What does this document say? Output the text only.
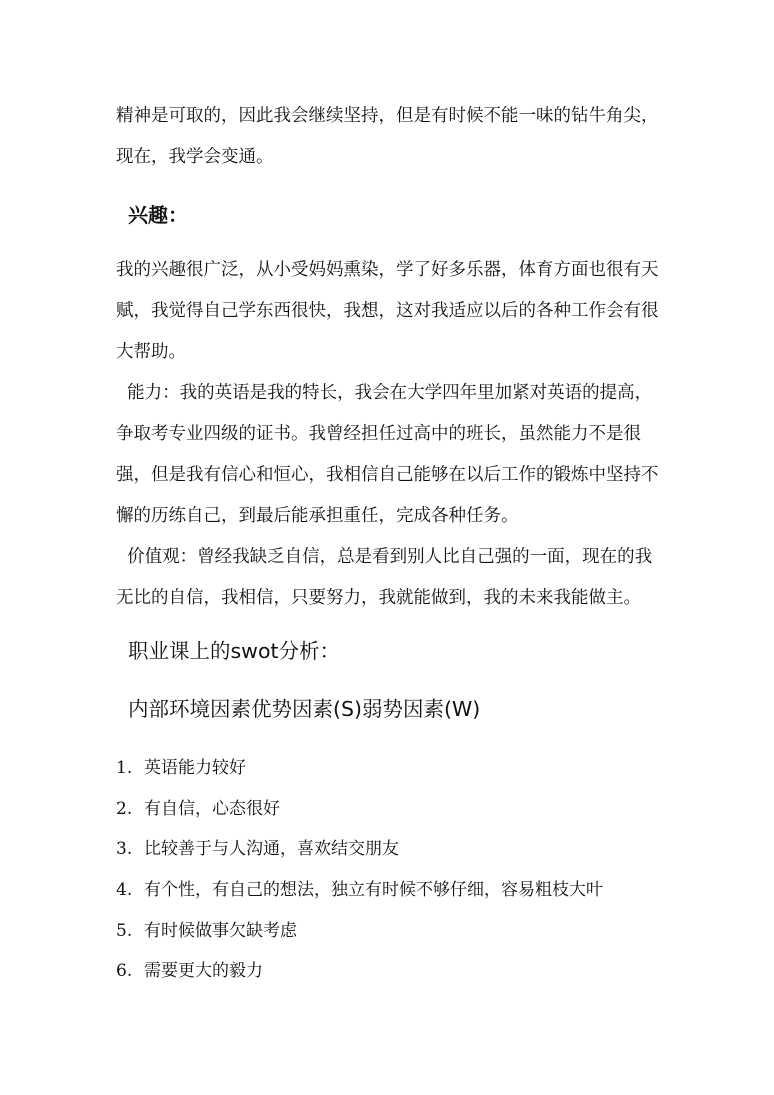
精神是可取的，因此我会继续坚持，但是有时候不能一味的钻牛角尖，现在，我学会变通。

兴趣：

我的兴趣很广泛，从小受妈妈熏染，学了好多乐器，体育方面也很有天赋，我觉得自己学东西很快，我想，这对我适应以后的各种工作会有很大帮助。

能力：我的英语是我的特长，我会在大学四年里加紧对英语的提高，争取考专业四级的证书。我曾经担任过高中的班长，虽然能力不是很强，但是我有信心和恒心，我相信自己能够在以后工作的锻炼中坚持不懈的历练自己，到最后能承担重任，完成各种任务。

价值观：曾经我缺乏自信，总是看到别人比自己强的一面，现在的我无比的自信，我相信，只要努力，我就能做到，我的未来我能做主。

职业课上的swot分析：
内部环境因素优势因素(S)弱势因素(W)
1. 英语能力较好
2. 有自信，心态很好
3. 比较善于与人沟通，喜欢结交朋友
4. 有个性，有自己的想法，独立有时候不够仔细，容易粗枝大叶
5. 有时候做事欠缺考虑
6. 需要更大的毅力
